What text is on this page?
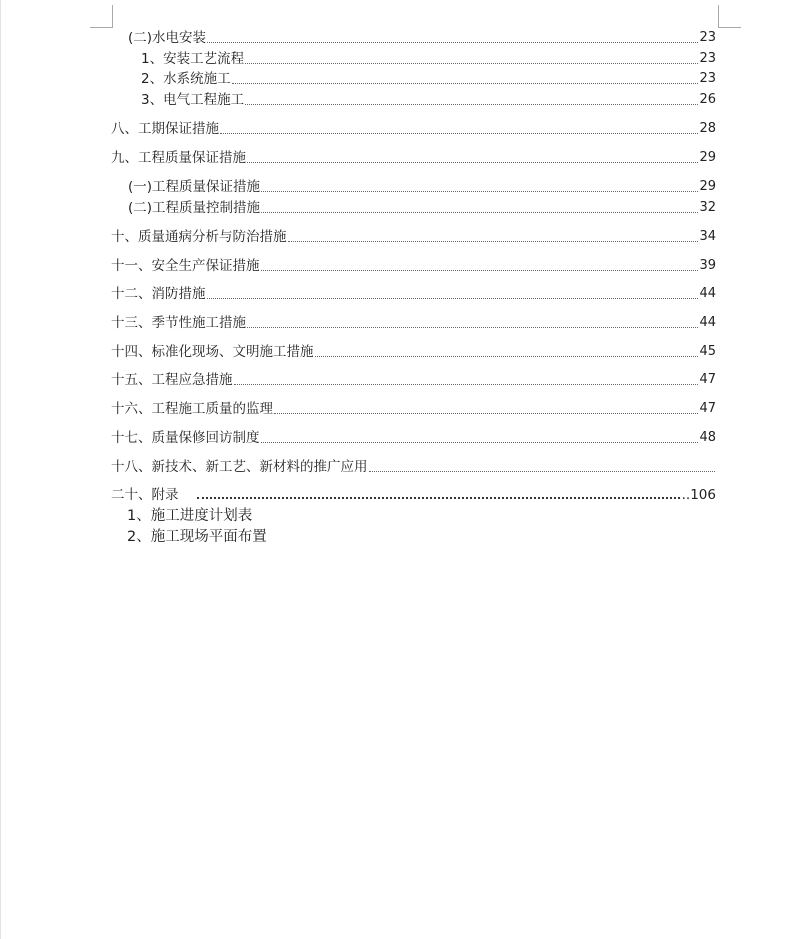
(二)水电安装	23
1、安装工艺流程	23
2、水系统施工	23
3、电气工程施工	26
八、工期保证措施	28
九、工程质量保证措施	29
(一)工程质量保证措施	29
(二)工程质量控制措施	32
十、质量通病分析与防治措施	34
十一、安全生产保证措施	39
十二、消防措施	44
十三、季节性施工措施	44
十四、标准化现场、文明施工措施	45
十五、工程应急措施	47
十六、工程施工质量的监理	47
十七、质量保修回访制度	48
十八、新技术、新工艺、新材料的推广应用
二十、附录	..106
1、施工进度计划表
2、施工现场平面布置
